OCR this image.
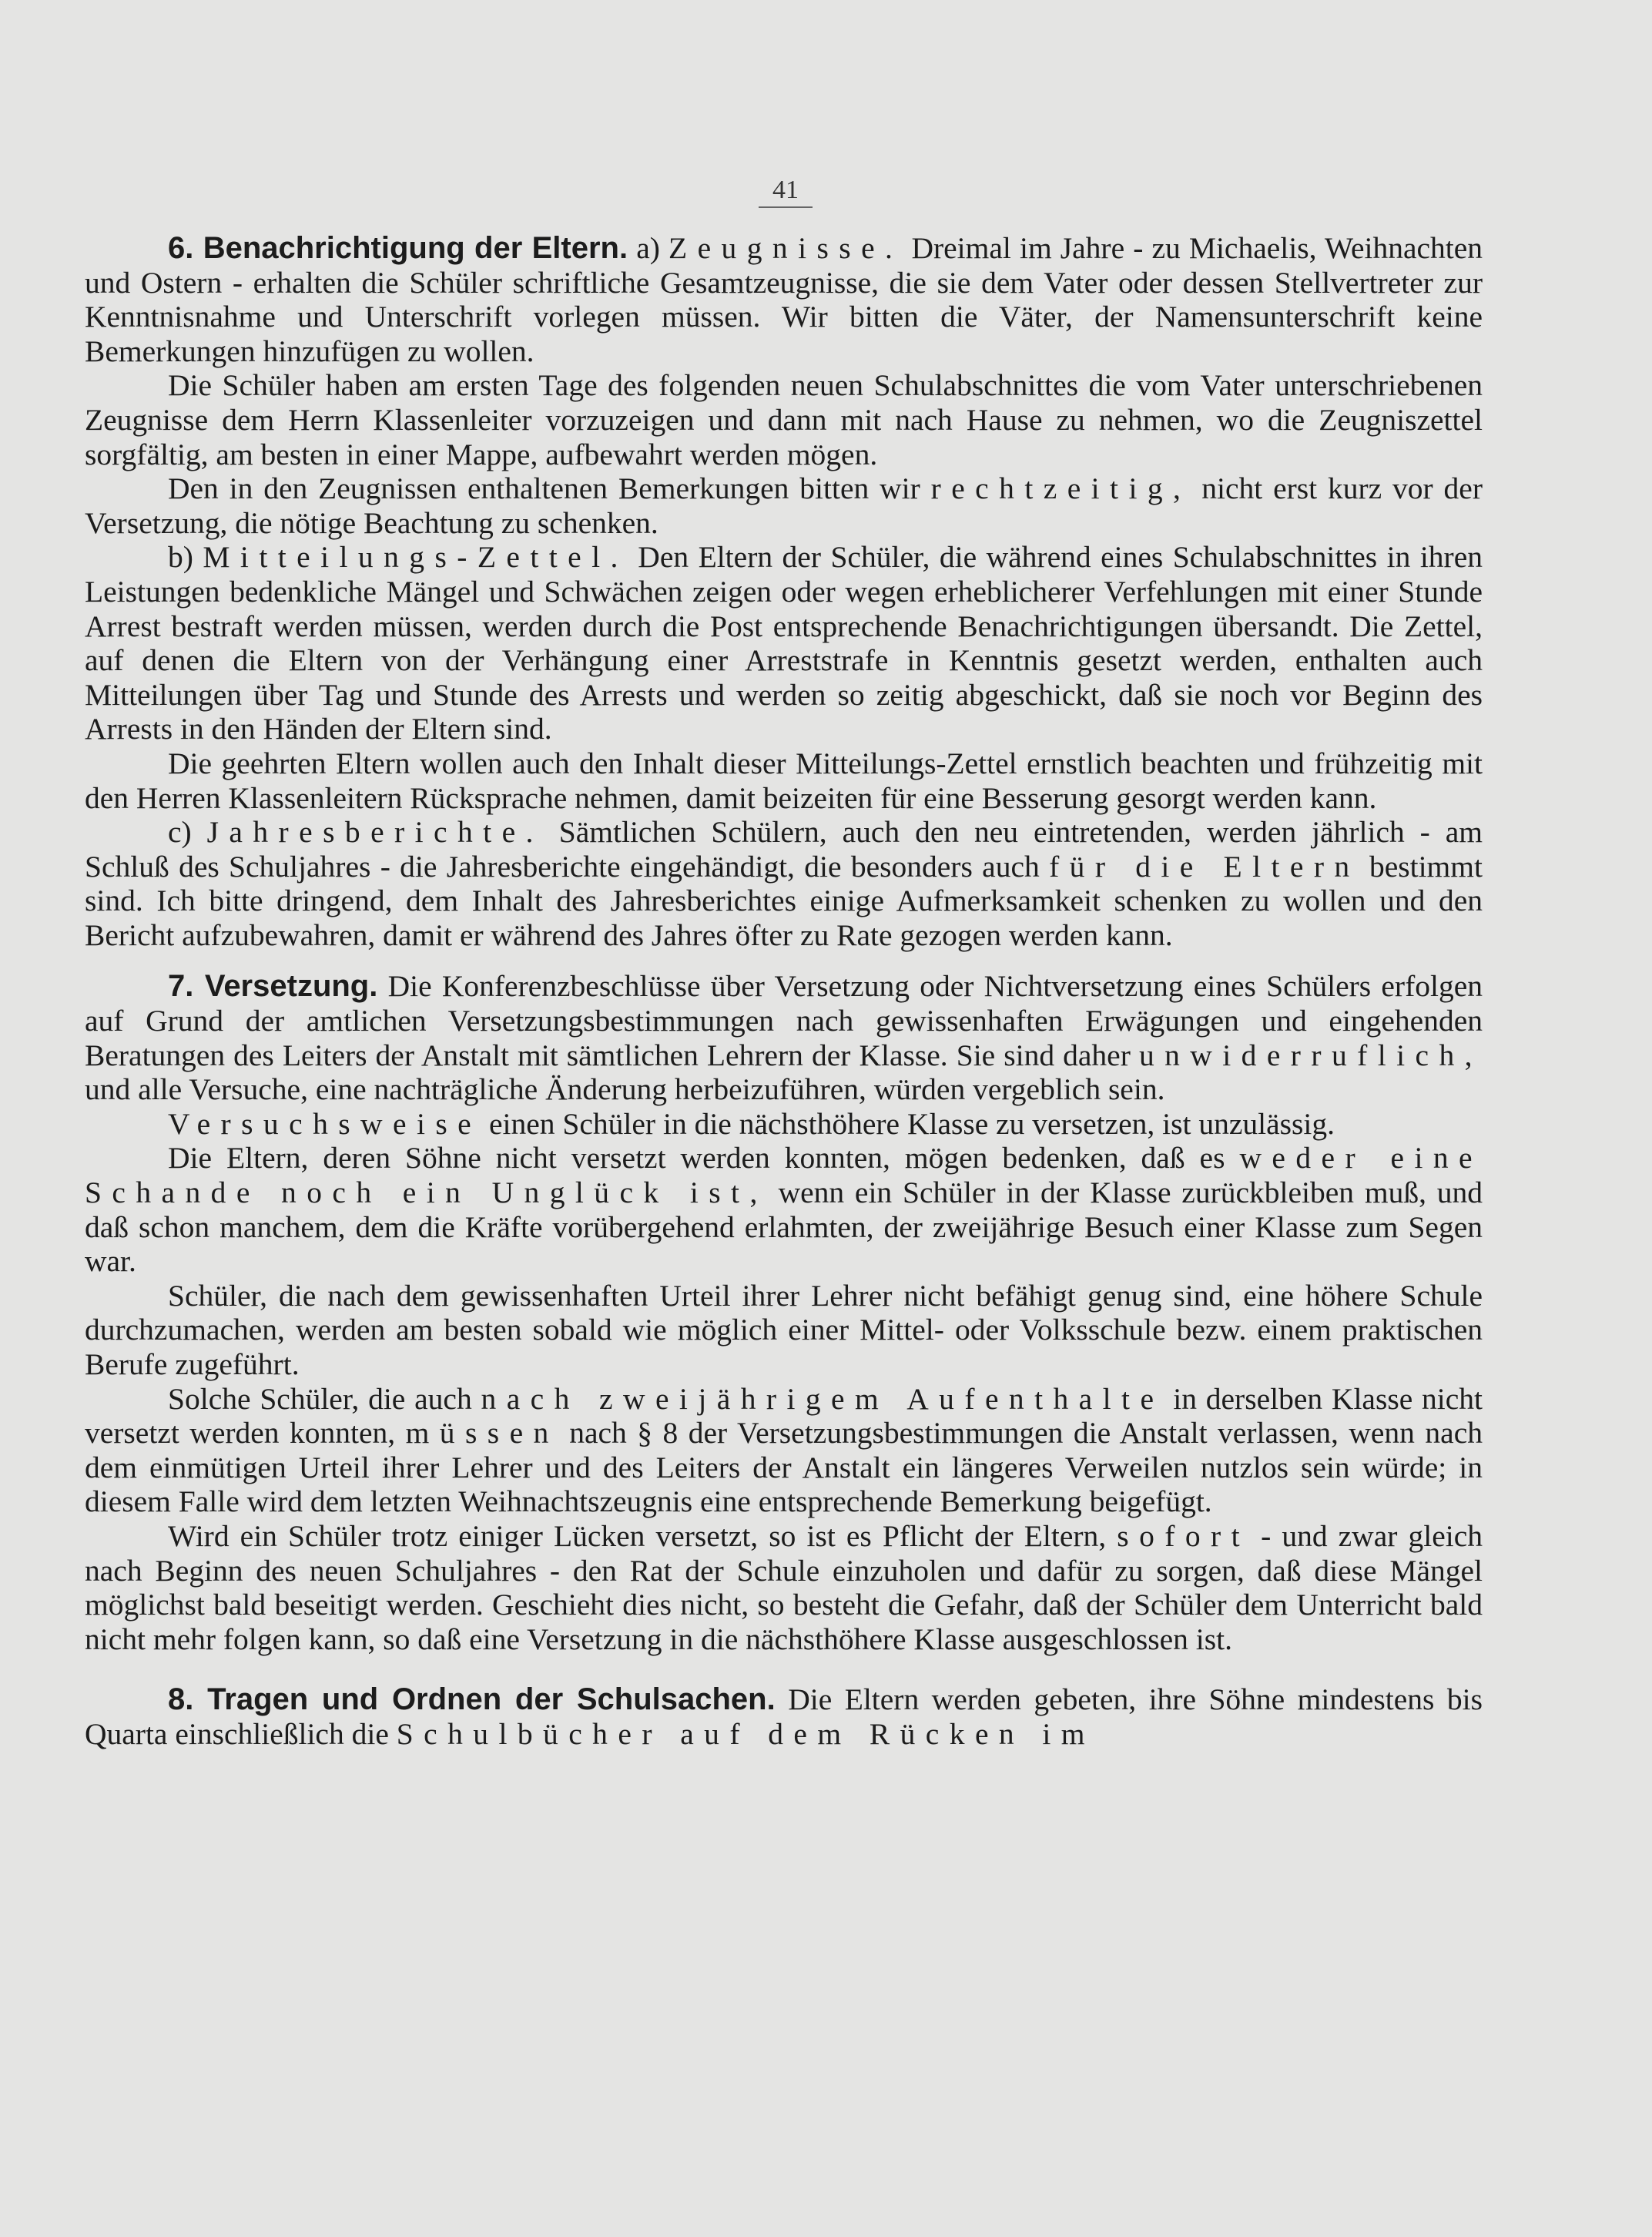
41

6. Benachrichtigung der Eltern. a) Zeugnisse. Dreimal im Jahre - zu Michaelis, Weihnachten und Ostern - erhalten die Schüler schriftliche Gesamtzeugnisse, die sie dem Vater oder dessen Stellvertreter zur Kenntnisnahme und Unterschrift vorlegen müssen. Wir bitten die Väter, der Namensunterschrift keine Bemerkungen hinzufügen zu wollen.

Die Schüler haben am ersten Tage des folgenden neuen Schulabschnittes die vom Vater unterschriebenen Zeugnisse dem Herrn Klassenleiter vorzuzeigen und dann mit nach Hause zu nehmen, wo die Zeugniszettel sorgfältig, am besten in einer Mappe, aufbewahrt werden mögen.

Den in den Zeugnissen enthaltenen Bemerkungen bitten wir rechtzeitig, nicht erst kurz vor der Versetzung, die nötige Beachtung zu schenken.

b) Mitteilungs-Zettel. Den Eltern der Schüler, die während eines Schulabschnittes in ihren Leistungen bedenkliche Mängel und Schwächen zeigen oder wegen erheblicherer Verfehlungen mit einer Stunde Arrest bestraft werden müssen, werden durch die Post entsprechende Benachrichtigungen übersandt. Die Zettel, auf denen die Eltern von der Verhängung einer Arreststrafe in Kenntnis gesetzt werden, enthalten auch Mitteilungen über Tag und Stunde des Arrests und werden so zeitig abgeschickt, daß sie noch vor Beginn des Arrests in den Händen der Eltern sind.

Die geehrten Eltern wollen auch den Inhalt dieser Mitteilungs-Zettel ernstlich beachten und frühzeitig mit den Herren Klassenleitern Rücksprache nehmen, damit beizeiten für eine Besserung gesorgt werden kann.

c) Jahresberichte. Sämtlichen Schülern, auch den neu eintretenden, werden jährlich - am Schluß des Schuljahres - die Jahresberichte eingehändigt, die besonders auch für die Eltern bestimmt sind. Ich bitte dringend, dem Inhalt des Jahresberichtes einige Aufmerksamkeit schenken zu wollen und den Bericht aufzubewahren, damit er während des Jahres öfter zu Rate gezogen werden kann.

7. Versetzung. Die Konferenzbeschlüsse über Versetzung oder Nichtversetzung eines Schülers erfolgen auf Grund der amtlichen Versetzungsbestimmungen nach gewissenhaften Erwägungen und eingehenden Beratungen des Leiters der Anstalt mit sämtlichen Lehrern der Klasse. Sie sind daher unwiderruflich, und alle Versuche, eine nachträgliche Änderung herbeizuführen, würden vergeblich sein.

Versuchsweise einen Schüler in die nächsthöhere Klasse zu versetzen, ist unzulässig.

Die Eltern, deren Söhne nicht versetzt werden konnten, mögen bedenken, daß es weder eine Schande noch ein Unglück ist, wenn ein Schüler in der Klasse zurückbleiben muß, und daß schon manchem, dem die Kräfte vorübergehend erlahmten, der zweijährige Besuch einer Klasse zum Segen war.

Schüler, die nach dem gewissenhaften Urteil ihrer Lehrer nicht befähigt genug sind, eine höhere Schule durchzumachen, werden am besten sobald wie möglich einer Mittel- oder Volksschule bezw. einem praktischen Berufe zugeführt.

Solche Schüler, die auch nach zweijährigem Aufenthalte in derselben Klasse nicht versetzt werden konnten, müssen nach § 8 der Versetzungsbestimmungen die Anstalt verlassen, wenn nach dem einmütigen Urteil ihrer Lehrer und des Leiters der Anstalt ein längeres Verweilen nutzlos sein würde; in diesem Falle wird dem letzten Weihnachtszeugnis eine entsprechende Bemerkung beigefügt.

Wird ein Schüler trotz einiger Lücken versetzt, so ist es Pflicht der Eltern, sofort - und zwar gleich nach Beginn des neuen Schuljahres - den Rat der Schule einzuholen und dafür zu sorgen, daß diese Mängel möglichst bald beseitigt werden. Geschieht dies nicht, so besteht die Gefahr, daß der Schüler dem Unterricht bald nicht mehr folgen kann, so daß eine Versetzung in die nächsthöhere Klasse ausgeschlossen ist.

8. Tragen und Ordnen der Schulsachen. Die Eltern werden gebeten, ihre Söhne mindestens bis Quarta einschließlich die Schulbücher auf dem Rücken im
